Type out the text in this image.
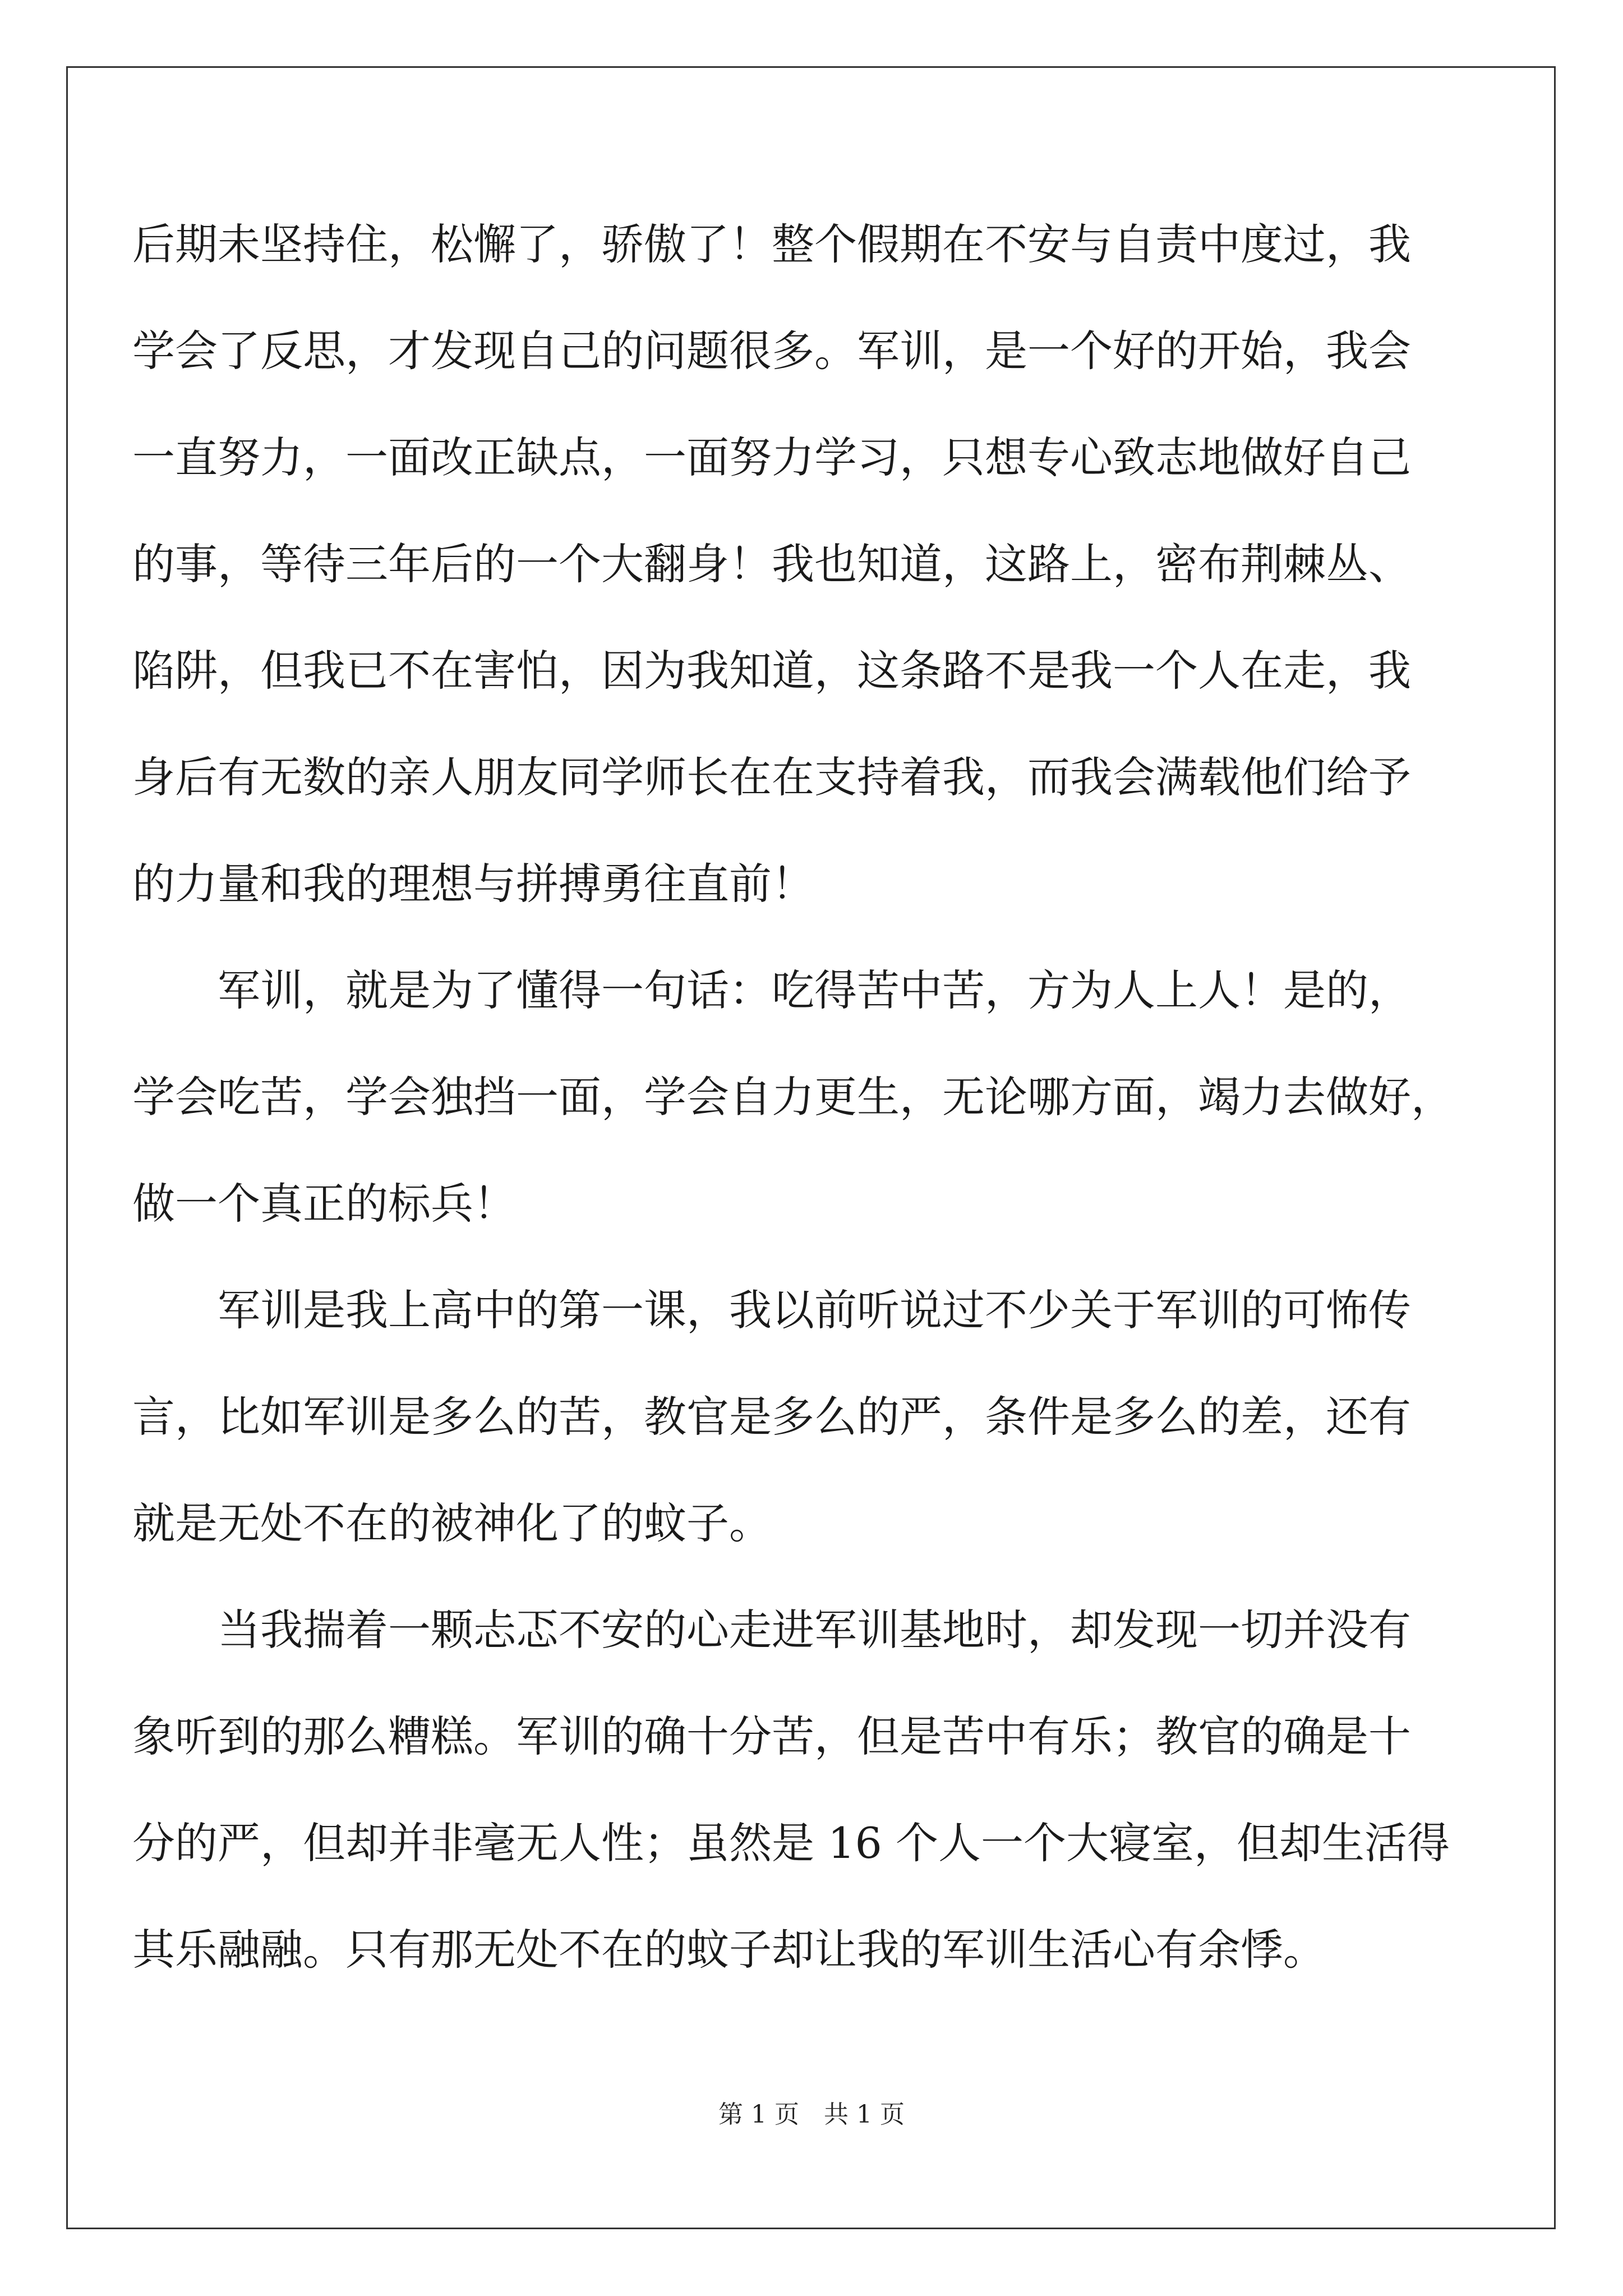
后期未坚持住，松懈了，骄傲了！整个假期在不安与自责中度过，我
学会了反思，才发现自己的问题很多。军训，是一个好的开始，我会
一直努力，一面改正缺点，一面努力学习，只想专心致志地做好自己
的事，等待三年后的一个大翻身！我也知道，这路上，密布荆棘丛、
陷阱，但我已不在害怕，因为我知道，这条路不是我一个人在走，我
身后有无数的亲人朋友同学师长在在支持着我，而我会满载他们给予
的力量和我的理想与拼搏勇往直前！

军训，就是为了懂得一句话：吃得苦中苦，方为人上人！是的，
学会吃苦，学会独挡一面，学会自力更生，无论哪方面，竭力去做好，
做一个真正的标兵！

军训是我上高中的第一课，我以前听说过不少关于军训的可怖传
言，比如军训是多么的苦，教官是多么的严，条件是多么的差，还有
就是无处不在的被神化了的蚊子。

当我揣着一颗忐忑不安的心走进军训基地时，却发现一切并没有
象听到的那么糟糕。军训的确十分苦，但是苦中有乐；教官的确是十
分的严，但却并非毫无人性；虽然是 16 个人一个大寝室，但却生活得
其乐融融。只有那无处不在的蚊子却让我的军训生活心有余悸。

第 1 页 共 1 页
